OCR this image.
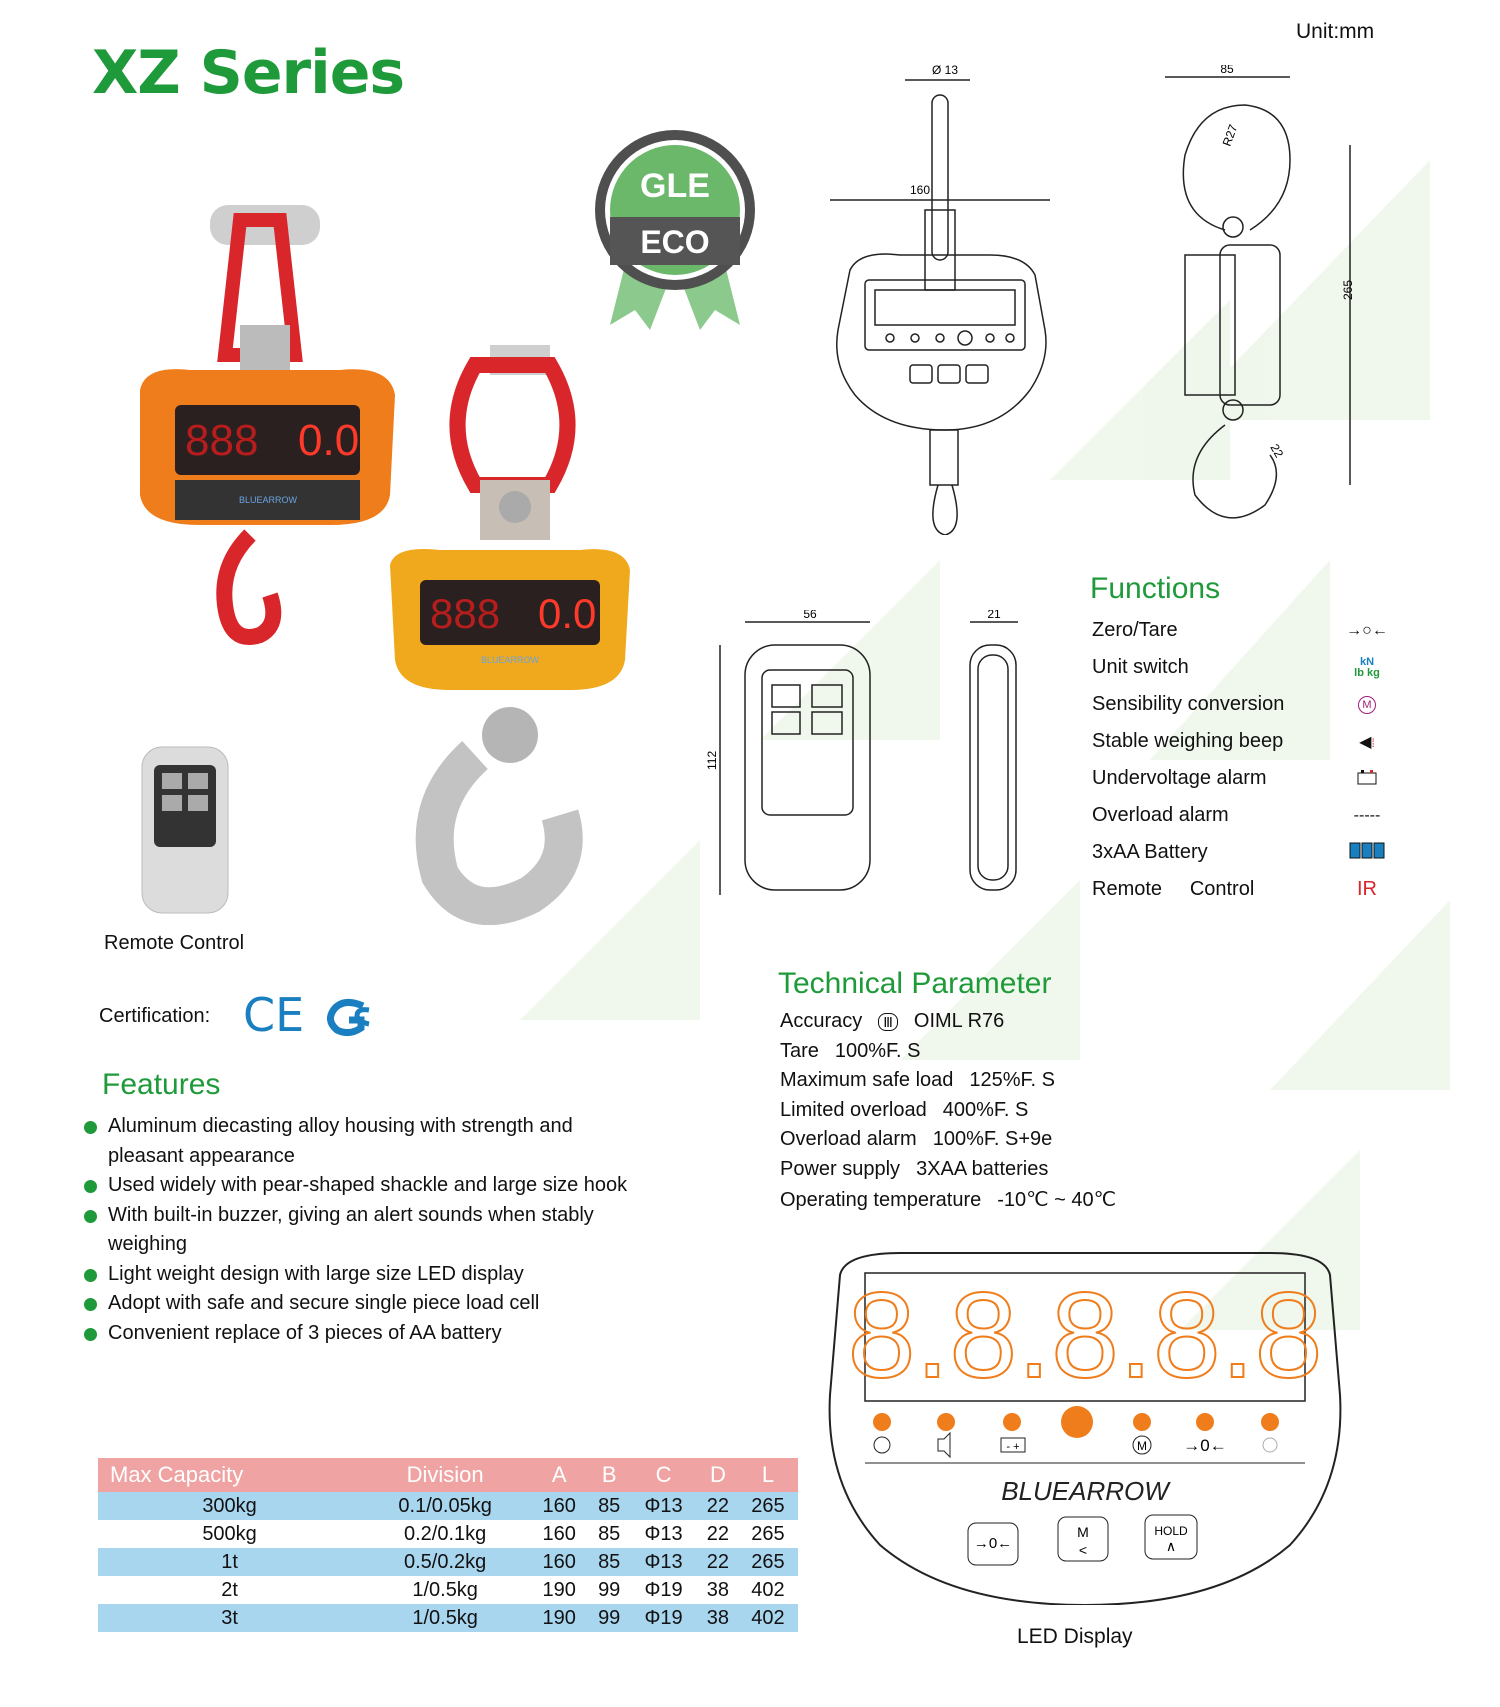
XZ Series
Unit:mm
GLE
ECO
888 0.0
BLUEARROW
888 0.0
BLUEARROW
Remote Control
Certification: CE
Features
Aluminum diecasting alloy housing with strength and pleasant appearance
Used widely with pear-shaped shackle and large size hook
With built-in buzzer, giving an alert sounds when stably weighing
Light weight design with large size LED display
Adopt with safe and secure single piece load cell
Convenient replace of 3 pieces of AA battery
Max Capacity	Division	A	B	C	D	L
300kg	0.1/0.05kg	160	85	Φ13	22	265
500kg	0.2/0.1kg	160	85	Φ13	22	265
1t	0.5/0.2kg	160	85	Φ13	22	265
2t	1/0.5kg	190	99	Φ19	38	402
3t	1/0.5kg	190	99	Φ19	38	402
Ø 13
160
85
R27
265
22
56
112
21
Functions
Zero/Tare	→○←
Unit switch	kN
lb kg
Sensibility conversion	M
Stable weighing beep	◀⁞
Undervoltage alarm
Overload alarm	-----
3xAA Battery
Remote     Control	IR
Technical Parameter
Accuracy Ⅲ OIML R76
Tare 100%F. S
Maximum safe load 125%F. S
Limited overload 400%F. S
Overload alarm 100%F. S+9e
Power supply 3XAA batteries
Operating temperature -10℃ ~ 40℃
8.8.8.8.8
- +	M →0←
BLUEARROW
→0←
M
<
HOLD
∧
LED Display
